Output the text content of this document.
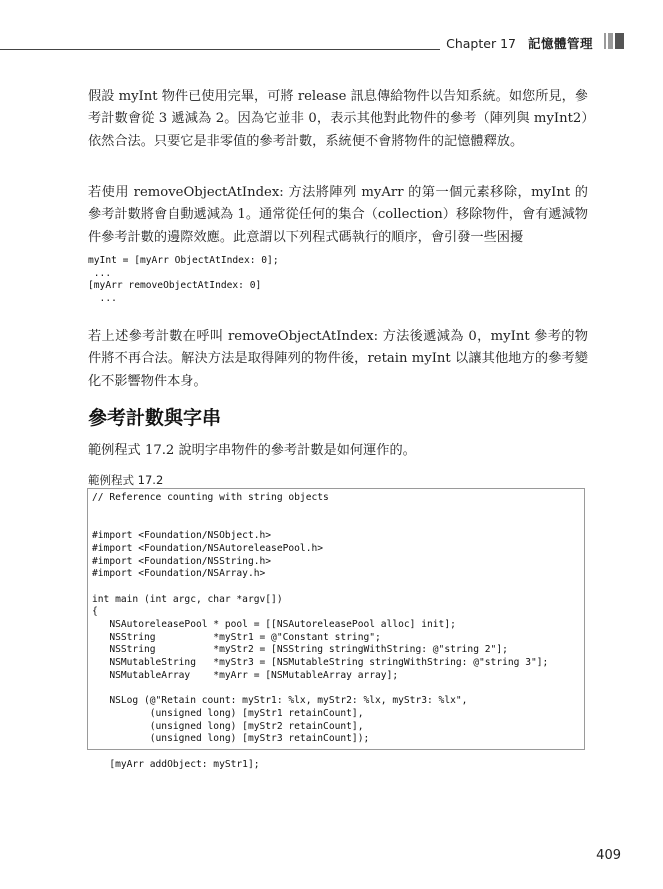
Chapter 17 記憶體管理

假設 myInt 物件已使用完畢，可將 release 訊息傳給物件以告知系統。如您所見，參考計數會從 3 遞減為 2。因為它並非 0，表示其他對此物件的參考（陣列與 myInt2）依然合法。只要它是非零值的參考計數，系統便不會將物件的記憶體釋放。

若使用 removeObjectAtIndex: 方法將陣列 myArr 的第一個元素移除，myInt 的參考計數將會自動遞減為 1。通常從任何的集合（collection）移除物件，會有遞減物件參考計數的邊際效應。此意謂以下列程式碼執行的順序，會引發一些困擾

myInt = [myArr ObjectAtIndex: 0];
...
[myArr removeObjectAtIndex: 0]
...

若上述參考計數在呼叫 removeObjectAtIndex: 方法後遞減為 0，myInt 參考的物件將不再合法。解決方法是取得陣列的物件後，retain myInt 以讓其他地方的參考變化不影響物件本身。

參考計數與字串

範例程式 17.2 說明字串物件的參考計數是如何運作的。

範例程式 17.2

// Reference counting with string objects

#import <Foundation/NSObject.h>
#import <Foundation/NSAutoreleasePool.h>
#import <Foundation/NSString.h>
#import <Foundation/NSArray.h>

int main (int argc, char *argv[])
{
NSAutoreleasePool * pool = [[NSAutoreleasePool alloc] init];
NSString          *myStr1 = @"Constant string";
NSString          *myStr2 = [NSString stringWithString: @"string 2"];
NSMutableString   *myStr3 = [NSMutableString stringWithString: @"string 3"];
NSMutableArray    *myArr = [NSMutableArray array];

NSLog (@"Retain count: myStr1: %lx, myStr2: %lx, myStr3: %lx",
(unsigned long) [myStr1 retainCount],
(unsigned long) [myStr2 retainCount],
(unsigned long) [myStr3 retainCount]);

[myArr addObject: myStr1];
409
